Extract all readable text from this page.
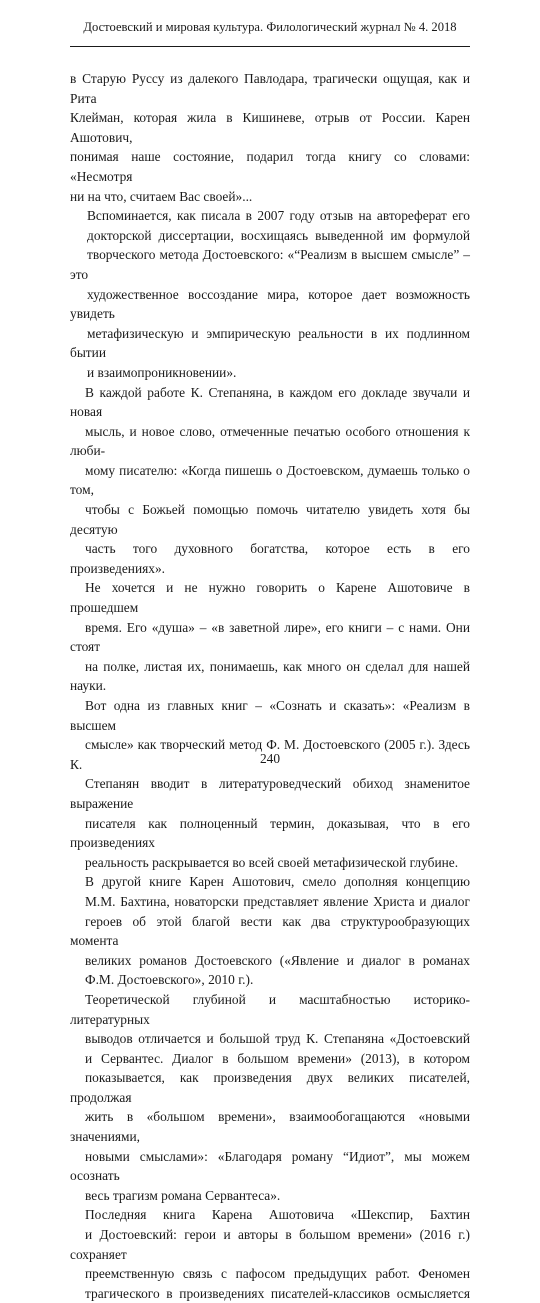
Достоевский и мировая культура. Филологический журнал № 4. 2018

в Старую Руссу из далекого Павлодара, трагически ощущая, как и Рита
Клейман, которая жила в Кишиневе, отрыв от России. Карен Ашотович,
понимая наше состояние, подарил тогда книгу со словами: «Несмотря
ни на что, считаем Вас своей»...

Вспоминается, как писала в 2007 году отзыв на автореферат его
докторской диссертации, восхищаясь выведенной им формулой
творческого метода Достоевского: «“Реализм в высшем смысле” – это
художественное воссоздание мира, которое дает возможность увидеть
метафизическую и эмпирическую реальности в их подлинном бытии
и взаимопроникновении».

В каждой работе К. Степаняна, в каждом его докладе звучали и новая
мысль, и новое слово, отмеченные печатью особого отношения к люби-
мому писателю: «Когда пишешь о Достоевском, думаешь только о том,
чтобы с Божьей помощью помочь читателю увидеть хотя бы десятую
часть того духовного богатства, которое есть в его произведениях».

Не хочется и не нужно говорить о Карене Ашотовиче в прошедшем
время. Его «душа» – «в заветной лире», его книги – с нами. Они стоят
на полке, листая их, понимаешь, как много он сделал для нашей науки.

Вот одна из главных книг – «Сознать и сказать»: «Реализм в высшем
смысле» как творческий метод Ф. М. Достоевского (2005 г.). Здесь К.
Степанян вводит в литературоведческий обиход знаменитое выражение
писателя как полноценный термин, доказывая, что в его произведениях
реальность раскрывается во всей своей метафизической глубине.

В другой книге Карен Ашотович, смело дополняя концепцию
М.М. Бахтина, новаторски представляет явление Христа и диалог
героев об этой благой вести как два структурообразующих момента
великих романов Достоевского («Явление и диалог в романах
Ф.М. Достоевского», 2010 г.).

Теоретической глубиной и масштабностью историко-литературных
выводов отличается и большой труд К. Степаняна «Достоевский
и Сервантес. Диалог в большом времени» (2013), в котором
показывается, как произведения двух великих писателей, продолжая
жить в «большом времени», взаимообогащаются «новыми значениями,
новыми смыслами»: «Благодаря роману “Идиот”, мы можем осознать
весь трагизм романа Сервантеса».

Последняя книга Карена Ашотовича «Шекспир, Бахтин
и Достоевский: герои и авторы в большом времени» (2016 г.) сохраняет
преемственную связь с пафосом предыдущих работ. Феномен
трагического в произведениях писателей-классиков осмысляется

240
